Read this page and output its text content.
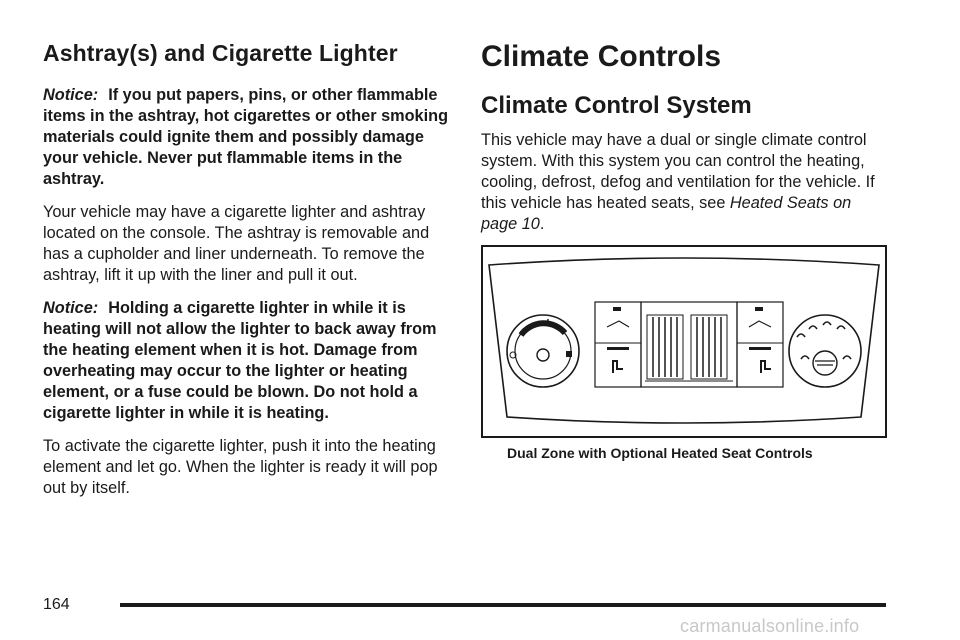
Ashtray(s) and Cigarette Lighter

Notice: If you put papers, pins, or other flammable items in the ashtray, hot cigarettes or other smoking materials could ignite them and possibly damage your vehicle. Never put flammable items in the ashtray.

Your vehicle may have a cigarette lighter and ashtray located on the console. The ashtray is removable and has a cupholder and liner underneath. To remove the ashtray, lift it up with the liner and pull it out.

Notice: Holding a cigarette lighter in while it is heating will not allow the lighter to back away from the heating element when it is hot. Damage from overheating may occur to the lighter or heating element, or a fuse could be blown. Do not hold a cigarette lighter in while it is heating.

To activate the cigarette lighter, push it into the heating element and let go. When the lighter is ready it will pop out by itself.

Climate Controls
Climate Control System

This vehicle may have a dual or single climate control system. With this system you can control the heating, cooling, defrost, defog and ventilation for the vehicle. If this vehicle has heated seats, see Heated Seats on page 10.

Dual Zone with Optional Heated Seat Controls
164
carmanualsonline.info
